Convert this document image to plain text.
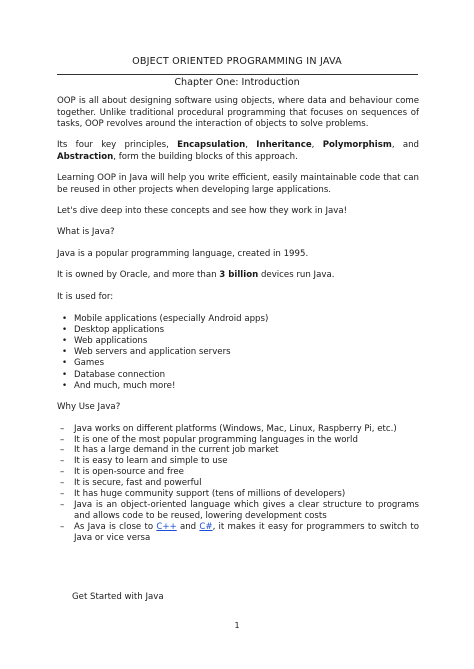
OBJECT ORIENTED PROGRAMMING IN JAVA
Chapter One: Introduction

OOP is all about designing software using objects, where data and behaviour come together. Unlike traditional procedural programming that focuses on sequences of tasks, OOP revolves around the interaction of objects to solve problems.

Its four key principles, Encapsulation, Inheritance, Polymorphism, and Abstraction, form the building blocks of this approach.

Learning OOP in Java will help you write efficient, easily maintainable code that can be reused in other projects when developing large applications.

Let's dive deep into these concepts and see how they work in Java!

What is Java?

Java is a popular programming language, created in 1995.

It is owned by Oracle, and more than 3 billion devices run Java.

It is used for:

• Mobile applications (especially Android apps)
• Desktop applications
• Web applications
• Web servers and application servers
• Games
• Database connection
• And much, much more!

Why Use Java?

– Java works on different platforms (Windows, Mac, Linux, Raspberry Pi, etc.)
– It is one of the most popular programming languages in the world
– It has a large demand in the current job market
– It is easy to learn and simple to use
– It is open-source and free
– It is secure, fast and powerful
– It has huge community support (tens of millions of developers)
– Java is an object-oriented language which gives a clear structure to programs and allows code to be reused, lowering development costs
– As Java is close to C++ and C#, it makes it easy for programmers to switch to Java or vice versa
Get Started with Java
1
